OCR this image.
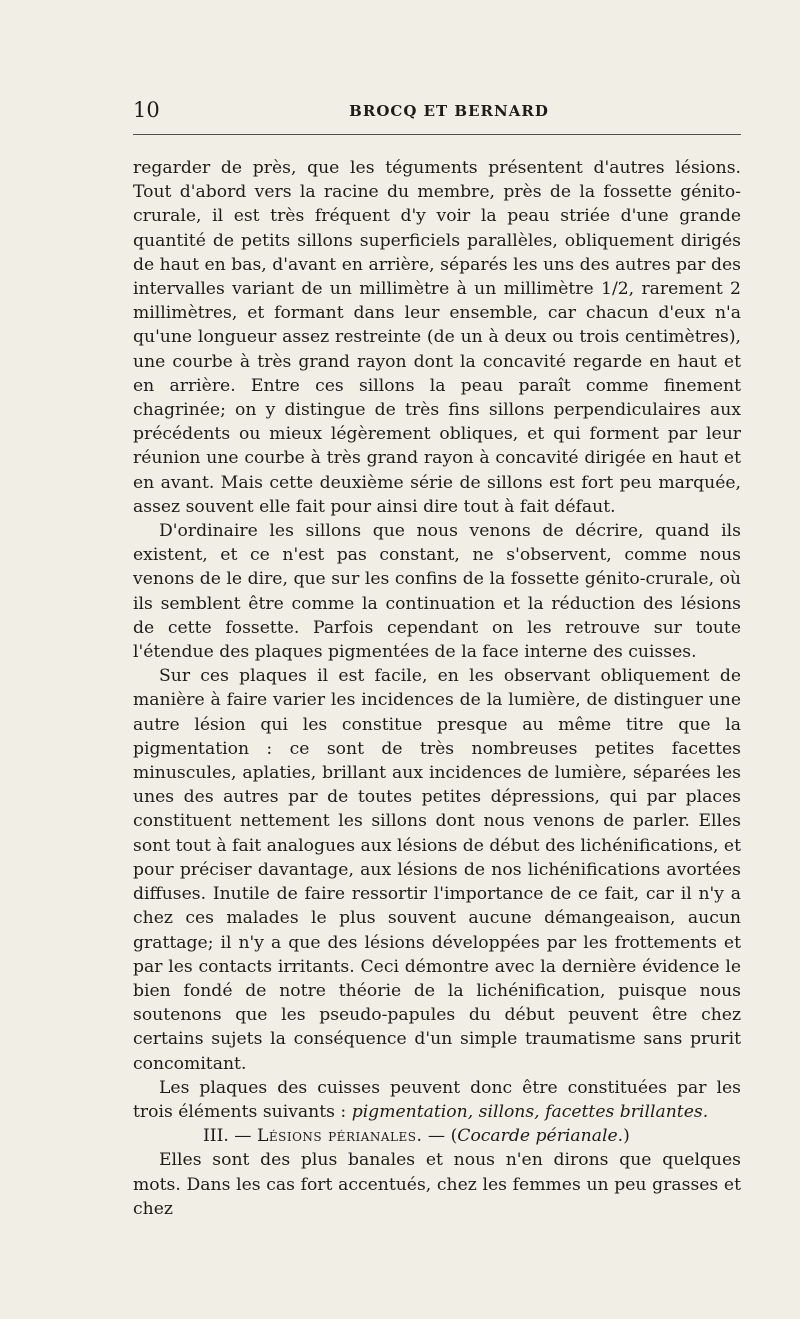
10	BROCQ ET BERNARD

regarder de près, que les téguments présentent d'autres lésions. Tout d'abord vers la racine du membre, près de la fossette génito-crurale, il est très fréquent d'y voir la peau striée d'une grande quantité de petits sillons superficiels parallèles, obliquement dirigés de haut en bas, d'avant en arrière, séparés les uns des autres par des intervalles variant de un millimètre à un millimètre 1/2, rarement 2 millimètres, et formant dans leur ensemble, car chacun d'eux n'a qu'une longueur assez restreinte (de un à deux ou trois centimètres), une courbe à très grand rayon dont la concavité regarde en haut et en arrière. Entre ces sillons la peau paraît comme finement chagrinée; on y distingue de très fins sillons perpendiculaires aux précédents ou mieux légèrement obliques, et qui forment par leur réunion une courbe à très grand rayon à concavité dirigée en haut et en avant. Mais cette deuxième série de sillons est fort peu marquée, assez souvent elle fait pour ainsi dire tout à fait défaut.

D'ordinaire les sillons que nous venons de décrire, quand ils existent, et ce n'est pas constant, ne s'observent, comme nous venons de le dire, que sur les confins de la fossette génito-crurale, où ils semblent être comme la continuation et la réduction des lésions de cette fossette. Parfois cependant on les retrouve sur toute l'étendue des plaques pigmentées de la face interne des cuisses.

Sur ces plaques il est facile, en les observant obliquement de manière à faire varier les incidences de la lumière, de distinguer une autre lésion qui les constitue presque au même titre que la pigmentation : ce sont de très nombreuses petites facettes minuscules, aplaties, brillant aux incidences de lumière, séparées les unes des autres par de toutes petites dépressions, qui par places constituent nettement les sillons dont nous venons de parler. Elles sont tout à fait analogues aux lésions de début des lichénifications, et pour préciser davantage, aux lésions de nos lichénifications avortées diffuses. Inutile de faire ressortir l'importance de ce fait, car il n'y a chez ces malades le plus souvent aucune démangeaison, aucun grattage; il n'y a que des lésions développées par les frottements et par les contacts irritants. Ceci démontre avec la dernière évidence le bien fondé de notre théorie de la lichénification, puisque nous soutenons que les pseudo-papules du début peuvent être chez certains sujets la conséquence d'un simple traumatisme sans prurit concomitant.

Les plaques des cuisses peuvent donc être constituées par les trois éléments suivants : pigmentation, sillons, facettes brillantes.

III. — Lésions périanales. — (Cocarde périanale.)

Elles sont des plus banales et nous n'en dirons que quelques mots. Dans les cas fort accentués, chez les femmes un peu grasses et chez
